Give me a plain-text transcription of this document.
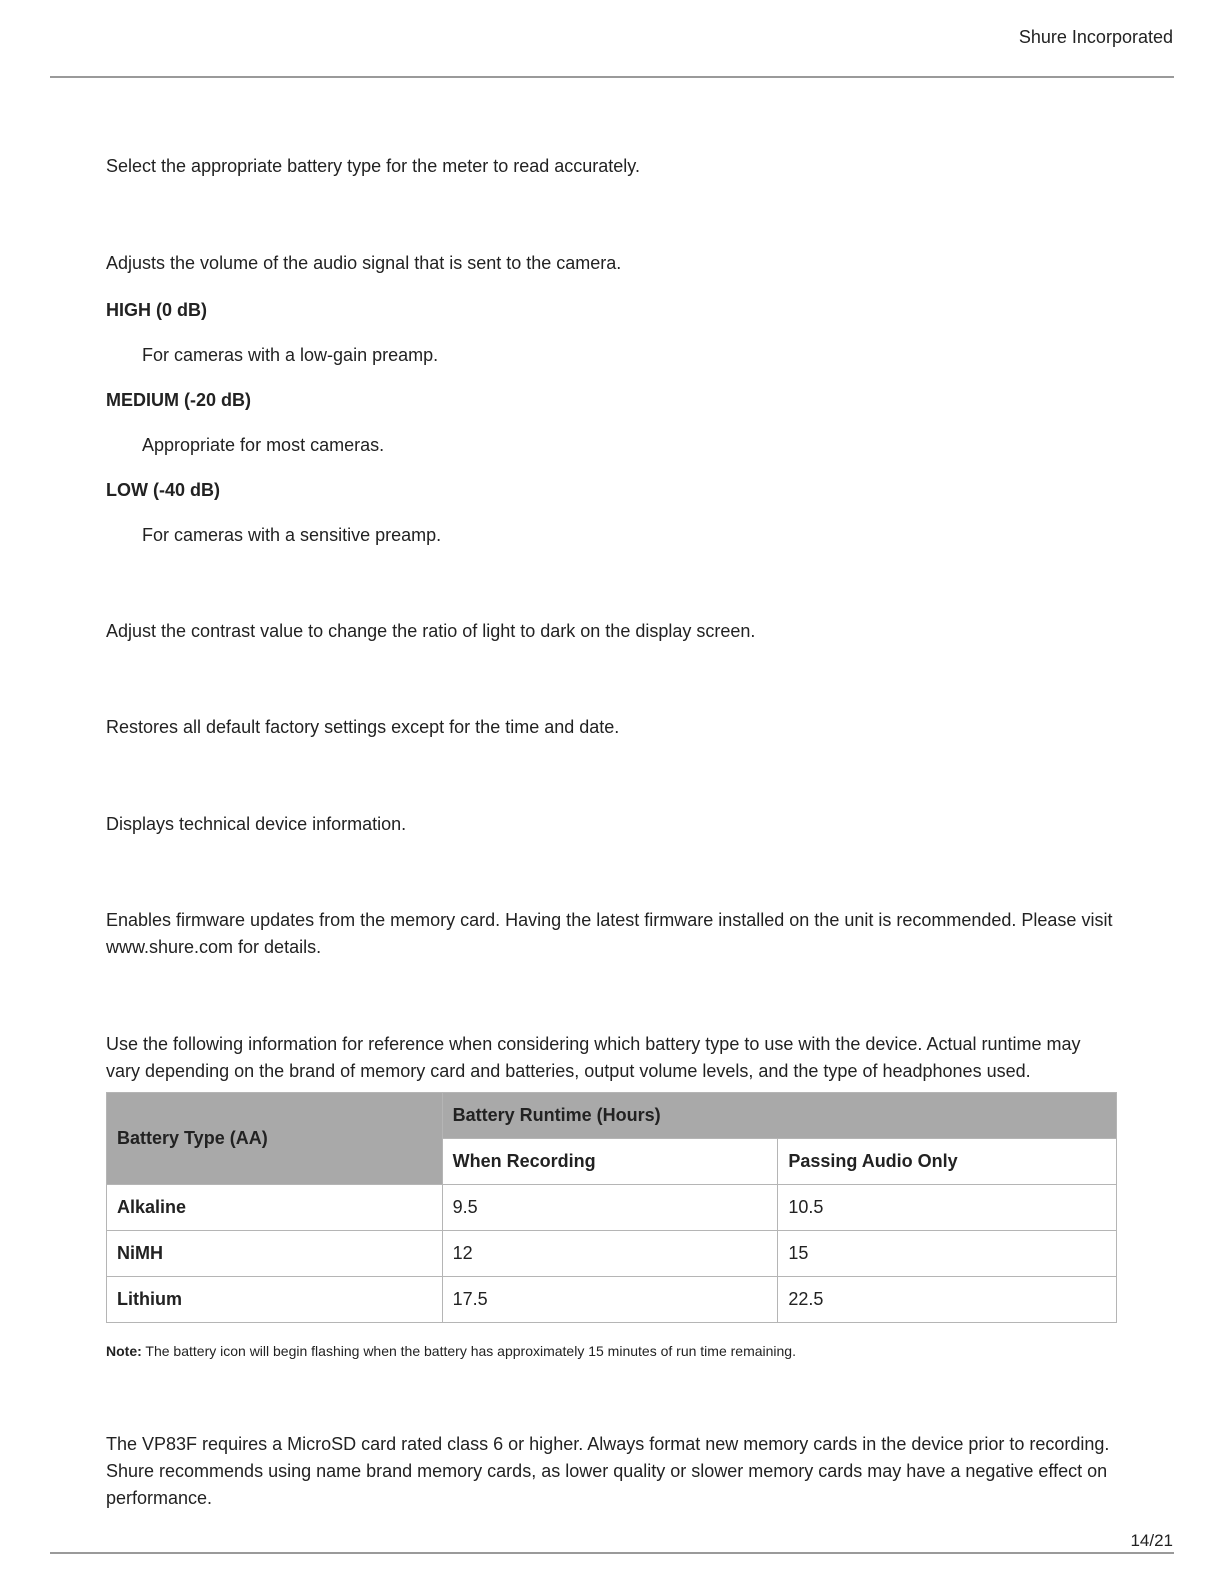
Shure Incorporated

Select the appropriate battery type for the meter to read accurately.

Adjusts the volume of the audio signal that is sent to the camera.

HIGH (0 dB)

For cameras with a low-gain preamp.

MEDIUM (-20 dB)

Appropriate for most cameras.

LOW (-40 dB)

For cameras with a sensitive preamp.

Adjust the contrast value to change the ratio of light to dark on the display screen.

Restores all default factory settings except for the time and date.

Displays technical device information.

Enables firmware updates from the memory card. Having the latest firmware installed on the unit is recommended. Please visit www.shure.com for details.

Use the following information for reference when considering which battery type to use with the device. Actual runtime may vary depending on the brand of memory card and batteries, output volume levels, and the type of headphones used.

Battery Type (AA)	Battery Runtime (Hours)	
	When Recording	Passing Audio Only
Alkaline	9.5	10.5
NiMH	12	15
Lithium	17.5	22.5

Note: The battery icon will begin flashing when the battery has approximately 15 minutes of run time remaining.

The VP83F requires a MicroSD card rated class 6 or higher. Always format new memory cards in the device prior to recording. Shure recommends using name brand memory cards, as lower quality or slower memory cards may have a negative effect on performance.

14/21
